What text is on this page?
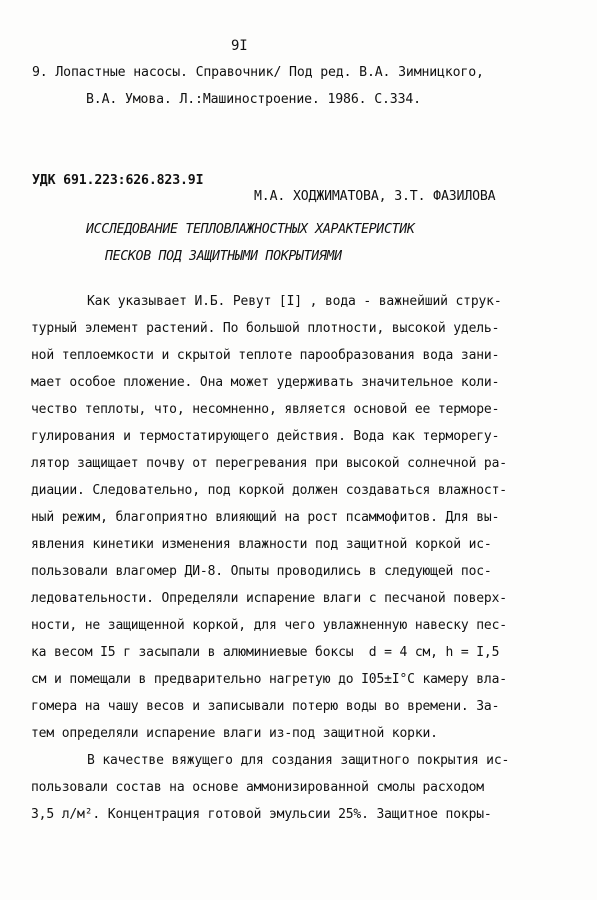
9I
9. Лопастные насосы. Справочник/ Под ред. В.А. Зимницкого,
В.А. Умова. Л.:Машиностроение. 1986. С.334.
УДК 691.223:626.823.9I
М.А. ХОДЖИМАТОВА, З.Т. ФАЗИЛОВА
ИССЛЕДОВАНИЕ ТЕПЛОВЛАЖНОСТНЫХ ХАРАКТЕРИСТИК
ПЕСКОВ ПОД ЗАЩИТНЫМИ ПОКРЫТИЯМИ
Как указывает И.Б. Ревут [I] , вода - важнейший струк-
турный элемент растений. По большой плотности, высокой удель-
ной теплоемкости и скрытой теплоте парообразования вода зани-
мает особое пложение. Она может удерживать значительное коли-
чество теплоты, что, несомненно, является основой ее терморе-
гулирования и термостатирующего действия. Вода как терморегу-
лятор защищает почву от перегревания при высокой солнечной ра-
диации. Следовательно, под коркой должен создаваться влажност-
ный режим, благоприятно влияющий на рост псаммофитов. Для вы-
явления кинетики изменения влажности под защитной коркой ис-
пользовали влагомер ДИ-8. Опыты проводились в следующей пос-
ледовательности. Определяли испарение влаги с песчаной поверх-
ности, не защищенной коркой, для чего увлажненную навеску пес-
ка весом I5 г засыпали в алюминиевые боксы  d = 4 см, h = I,5
см и помещали в предварительно нагретую до I05±I°С камеру вла-
гомера на чашу весов и записывали потерю воды во времени. За-
тем определяли испарение влаги из-под защитной корки.
В качестве вяжущего для создания защитного покрытия ис-
пользовали состав на основе аммонизированной смолы расходом
3,5 л/м². Концентрация готовой эмульсии 25%. Защитное покры-
